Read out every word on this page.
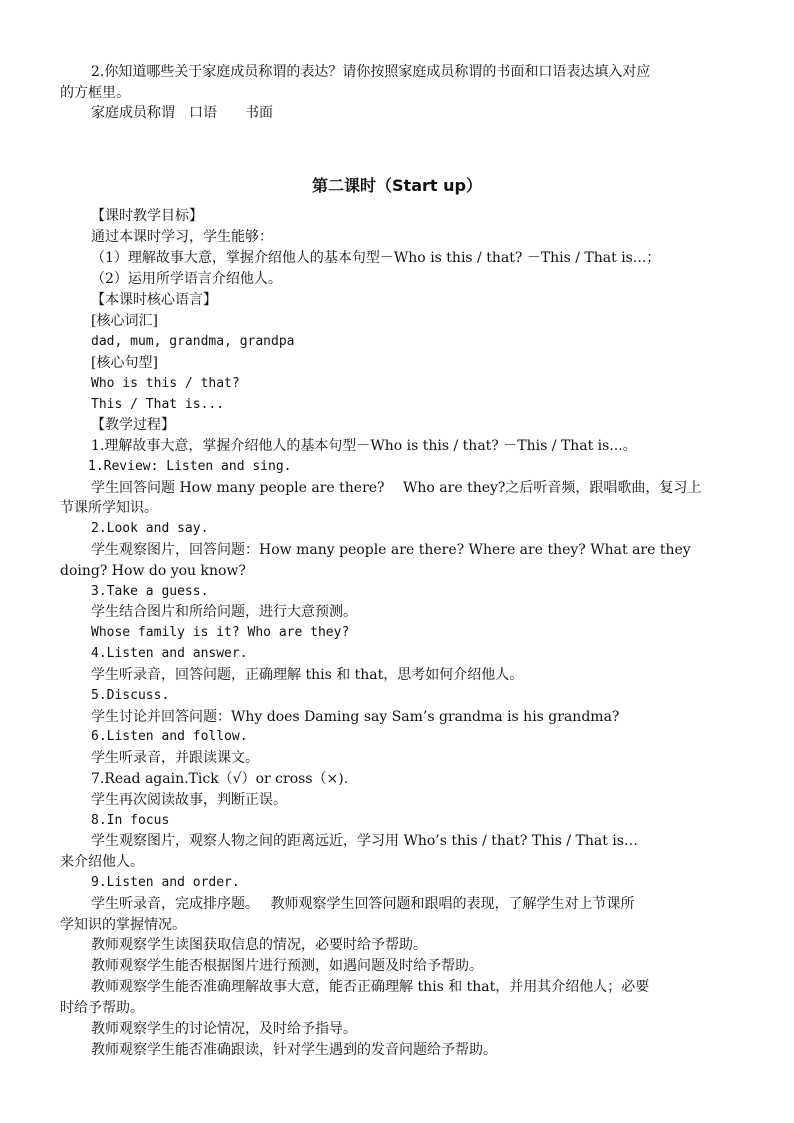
2.你知道哪些关于家庭成员称谓的表达？请你按照家庭成员称谓的书面和口语表达填入对应

的方框里。

家庭成员称谓　口语　　书面

第二课时（Start up）

【课时教学目标】

通过本课时学习，学生能够：

（1）理解故事大意，掌握介绍他人的基本句型－Who is this / that? －This / That is...；

（2）运用所学语言介绍他人。

【本课时核心语言】

[核心词汇]

dad, mum, grandma, grandpa

[核心句型]

Who is this / that?

This / That is...

【教学过程】

1.理解故事大意，掌握介绍他人的基本句型－Who is this / that? －This / That is...。

1.Review: Listen and sing.

学生回答问题 How many people are there?　 Who are they?之后听音频，跟唱歌曲，复习上

节课所学知识。

2.Look and say.

学生观察图片，回答问题：How many people are there? Where are they? What are they

doing? How do you know?

3.Take a guess.

学生结合图片和所给问题，进行大意预测。

Whose family is it? Who are they?

4.Listen and answer.

学生听录音，回答问题，正确理解 this 和 that，思考如何介绍他人。

5.Discuss.

学生讨论并回答问题：Why does Daming say Sam’s grandma is his grandma?

6.Listen and follow.

学生听录音，并跟读课文。

7.Read again.Tick（√）or cross（×).

学生再次阅读故事，判断正误。

8.In focus

学生观察图片，观察人物之间的距离远近，学习用 Who’s this / that? This / That is…

来介绍他人。

9.Listen and order.

学生听录音，完成排序题。　 教师观察学生回答问题和跟唱的表现，了解学生对上节课所

学知识的掌握情况。

教师观察学生读图获取信息的情况，必要时给予帮助。

教师观察学生能否根据图片进行预测，如遇问题及时给予帮助。

教师观察学生能否准确理解故事大意，能否正确理解 this 和 that，并用其介绍他人；必要

时给予帮助。

教师观察学生的讨论情况，及时给予指导。

教师观察学生能否准确跟读，针对学生遇到的发音问题给予帮助。
